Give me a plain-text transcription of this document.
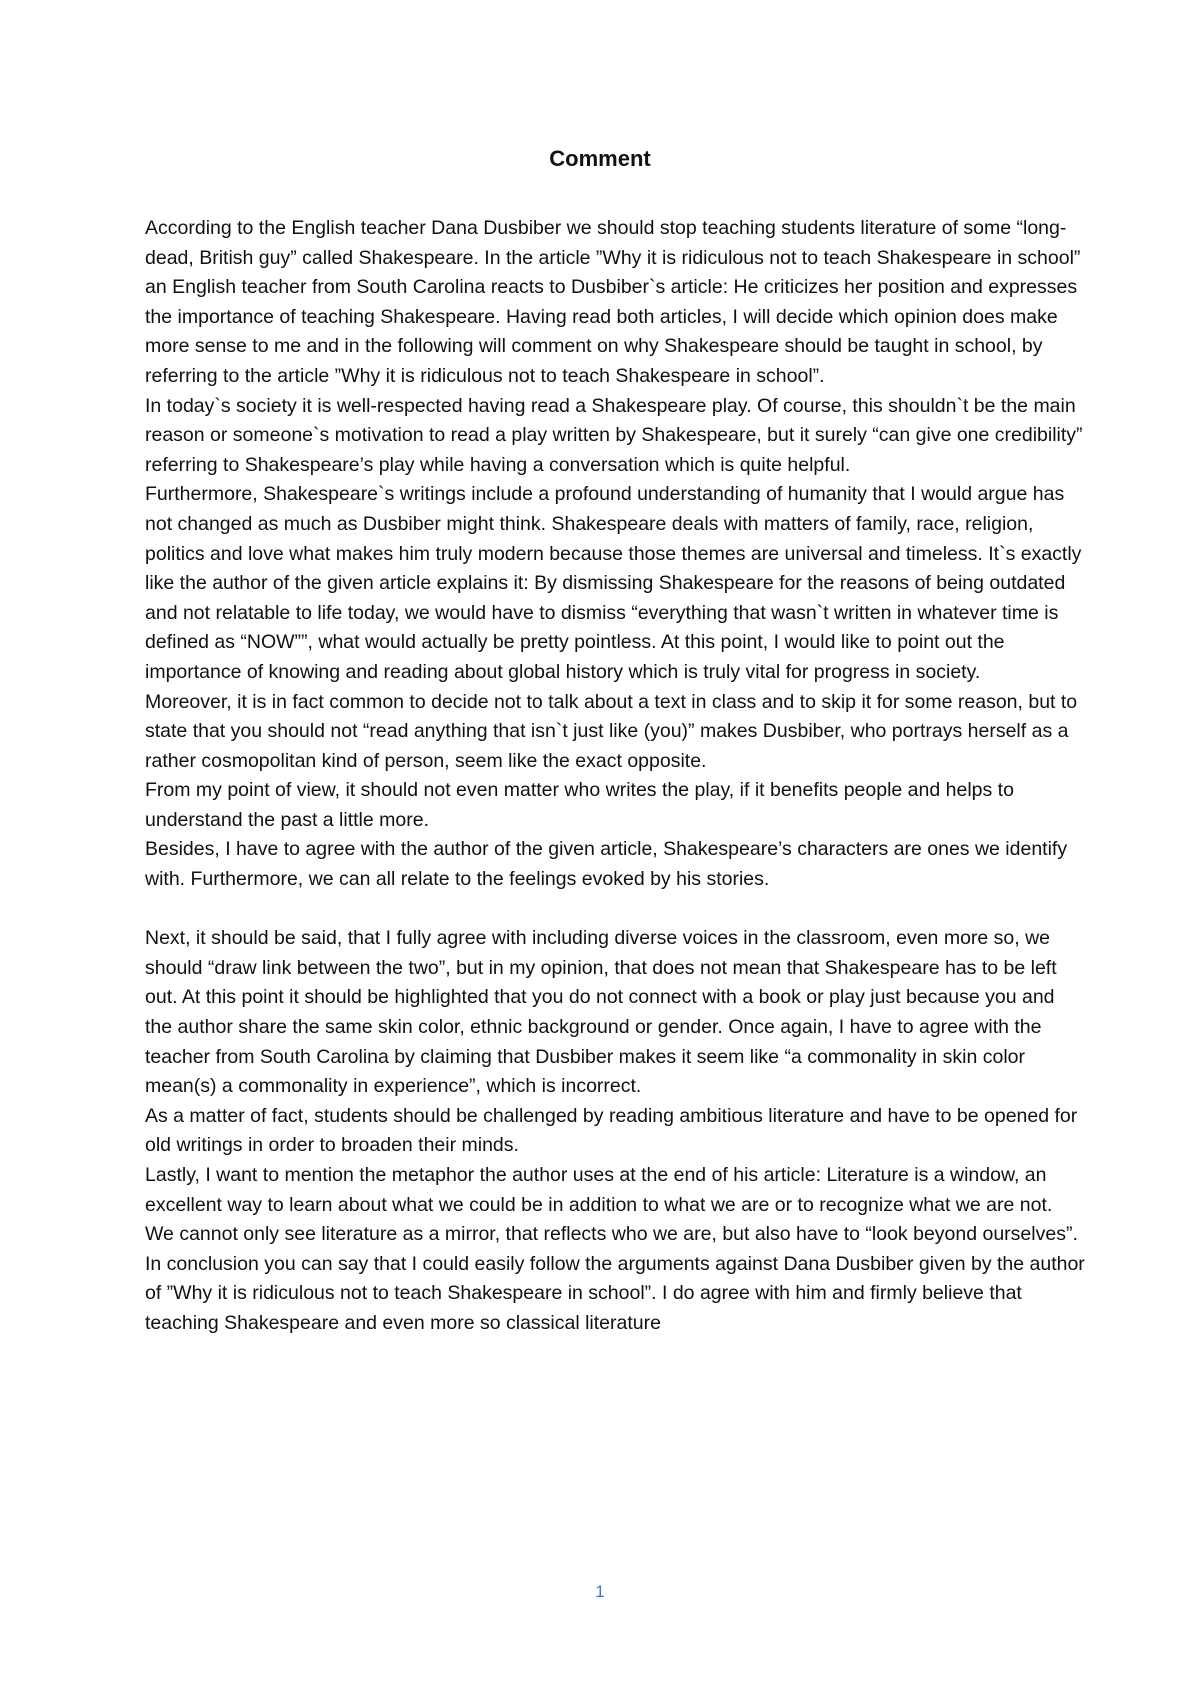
Comment

According to the English teacher Dana Dusbiber we should stop teaching students literature of some “long-dead, British guy” called Shakespeare. In the article ”Why it is ridiculous not to teach Shakespeare in school” an English teacher from South Carolina reacts to Dusbiber`s article: He criticizes her position and expresses the importance of teaching Shakespeare. Having read both articles, I will decide which opinion does make more sense to me and in the following will comment on why Shakespeare should be taught in school, by referring to the article ”Why it is ridiculous not to teach Shakespeare in school”.

In today`s society it is well-respected having read a Shakespeare play. Of course, this shouldn`t be the main reason or someone`s motivation to read a play written by Shakespeare, but it surely “can give one credibility” referring to Shakespeare’s play while having a conversation which is quite helpful.

Furthermore, Shakespeare`s writings include a profound understanding of humanity that I would argue has not changed as much as Dusbiber might think. Shakespeare deals with matters of family, race, religion, politics and love what makes him truly modern because those themes are universal and timeless. It`s exactly like the author of the given article explains it: By dismissing Shakespeare for the reasons of being outdated and not relatable to life today, we would have to dismiss “everything that wasn`t written in whatever time is defined as “NOW””, what would actually be pretty pointless. At this point, I would like to point out the importance of knowing and reading about global history which is truly vital for progress in society.

Moreover, it is in fact common to decide not to talk about a text in class and to skip it for some reason, but to state that you should not “read anything that isn`t just like (you)” makes Dusbiber, who portrays herself as a rather cosmopolitan kind of person, seem like the exact opposite.

From my point of view, it should not even matter who writes the play, if it benefits people and helps to understand the past a little more.

Besides, I have to agree with the author of the given article, Shakespeare’s characters are ones we identify with. Furthermore, we can all relate to the feelings evoked by his stories.

Next, it should be said, that I fully agree with including diverse voices in the classroom, even more so, we should “draw link between the two”, but in my opinion, that does not mean that Shakespeare has to be left out. At this point it should be highlighted that you do not connect with a book or play just because you and the author share the same skin color, ethnic background or gender. Once again, I have to agree with the teacher from South Carolina by claiming that Dusbiber makes it seem like “a commonality in skin color mean(s) a commonality in experience”, which is incorrect.

As a matter of fact, students should be challenged by reading ambitious literature and have to be opened for old writings in order to broaden their minds.

Lastly, I want to mention the metaphor the author uses at the end of his article: Literature is a window, an excellent way to learn about what we could be in addition to what we are or to recognize what we are not. We cannot only see literature as a mirror, that reflects who we are, but also have to “look beyond ourselves”.

In conclusion you can say that I could easily follow the arguments against Dana Dusbiber given by the author of ”Why it is ridiculous not to teach Shakespeare in school”. I do agree with him and firmly believe that teaching Shakespeare and even more so classical literature

1
